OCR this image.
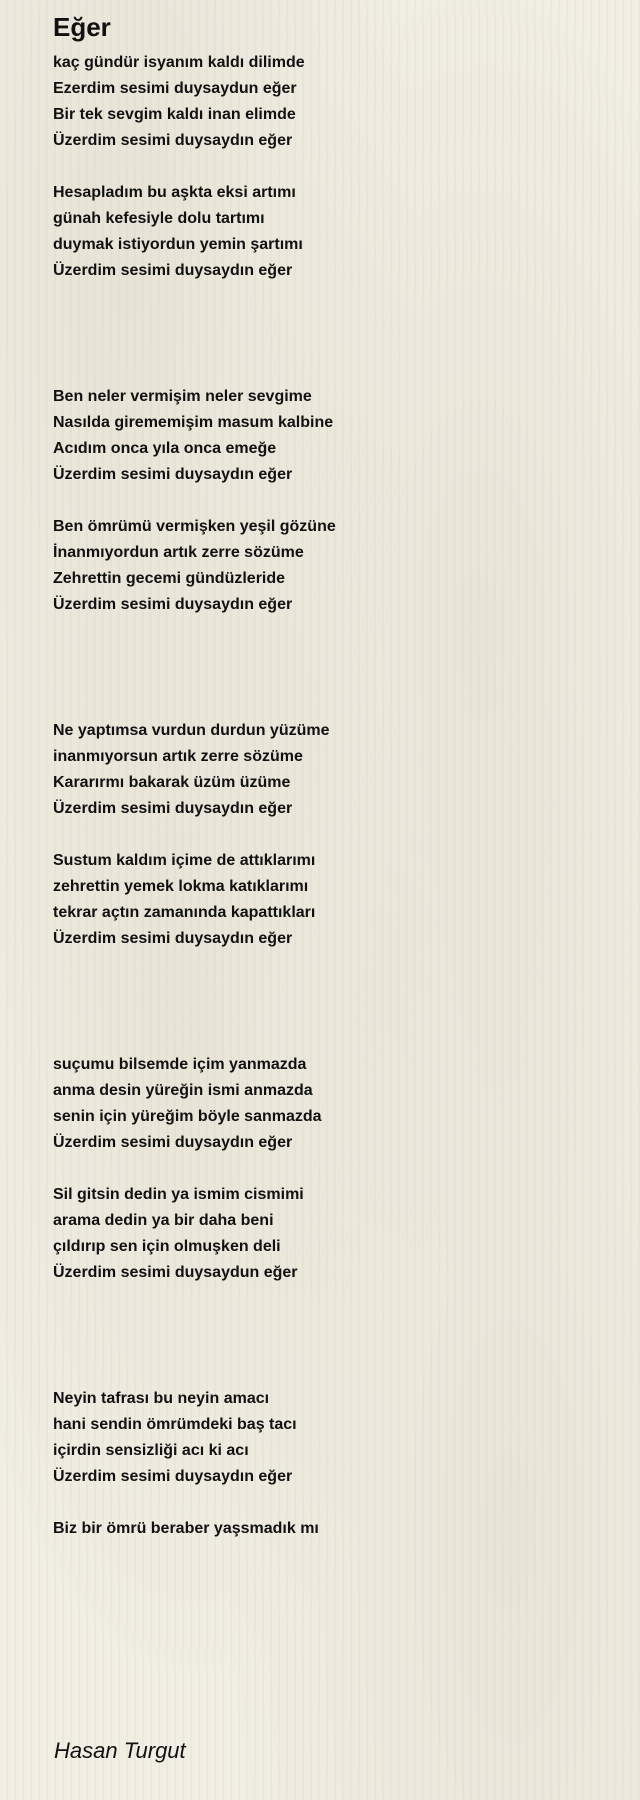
Eğer
kaç gündür isyanım kaldı dilimde
Ezerdim sesimi duysaydun eğer
Bir tek sevgim kaldı inan elimde
Üzerdim sesimi duysaydın eğer
Hesapladım bu aşkta eksi artımı
günah kefesiyle dolu tartımı
duymak istiyordun yemin şartımı
Üzerdim sesimi duysaydın eğer
Ben neler vermişim neler sevgime
Nasılda girememişim masum kalbine
Acıdım onca yıla onca emeğe
Üzerdim sesimi duysaydın eğer
Ben ömrümü vermişken yeşil gözüne
İnanmıyordun artık zerre sözüme
Zehrettin gecemi gündüzleride
Üzerdim sesimi duysaydın eğer
Ne yaptımsa vurdun durdun yüzüme
inanmıyorsun artık zerre sözüme
Kararırmı bakarak üzüm üzüme
Üzerdim sesimi duysaydın eğer
Sustum kaldım içime de attıklarımı
zehrettin yemek lokma katıklarımı
tekrar açtın zamanında kapattıkları
Üzerdim sesimi duysaydın eğer
suçumu bilsemde içim yanmazda
anma desin yüreğin ismi anmazda
senin için yüreğim böyle sanmazda
Üzerdim sesimi duysaydın eğer
Sil gitsin dedin ya ismim cismimi
arama dedin ya bir daha beni
çıldırıp sen için olmuşken deli
Üzerdim sesimi duysaydun eğer
Neyin tafrası bu neyin amacı
hani sendin ömrümdeki baş tacı
içirdin sensizliği acı ki acı
Üzerdim sesimi duysaydın eğer
Biz bir ömrü beraber yaşsmadık mı
Hasan Turgut
